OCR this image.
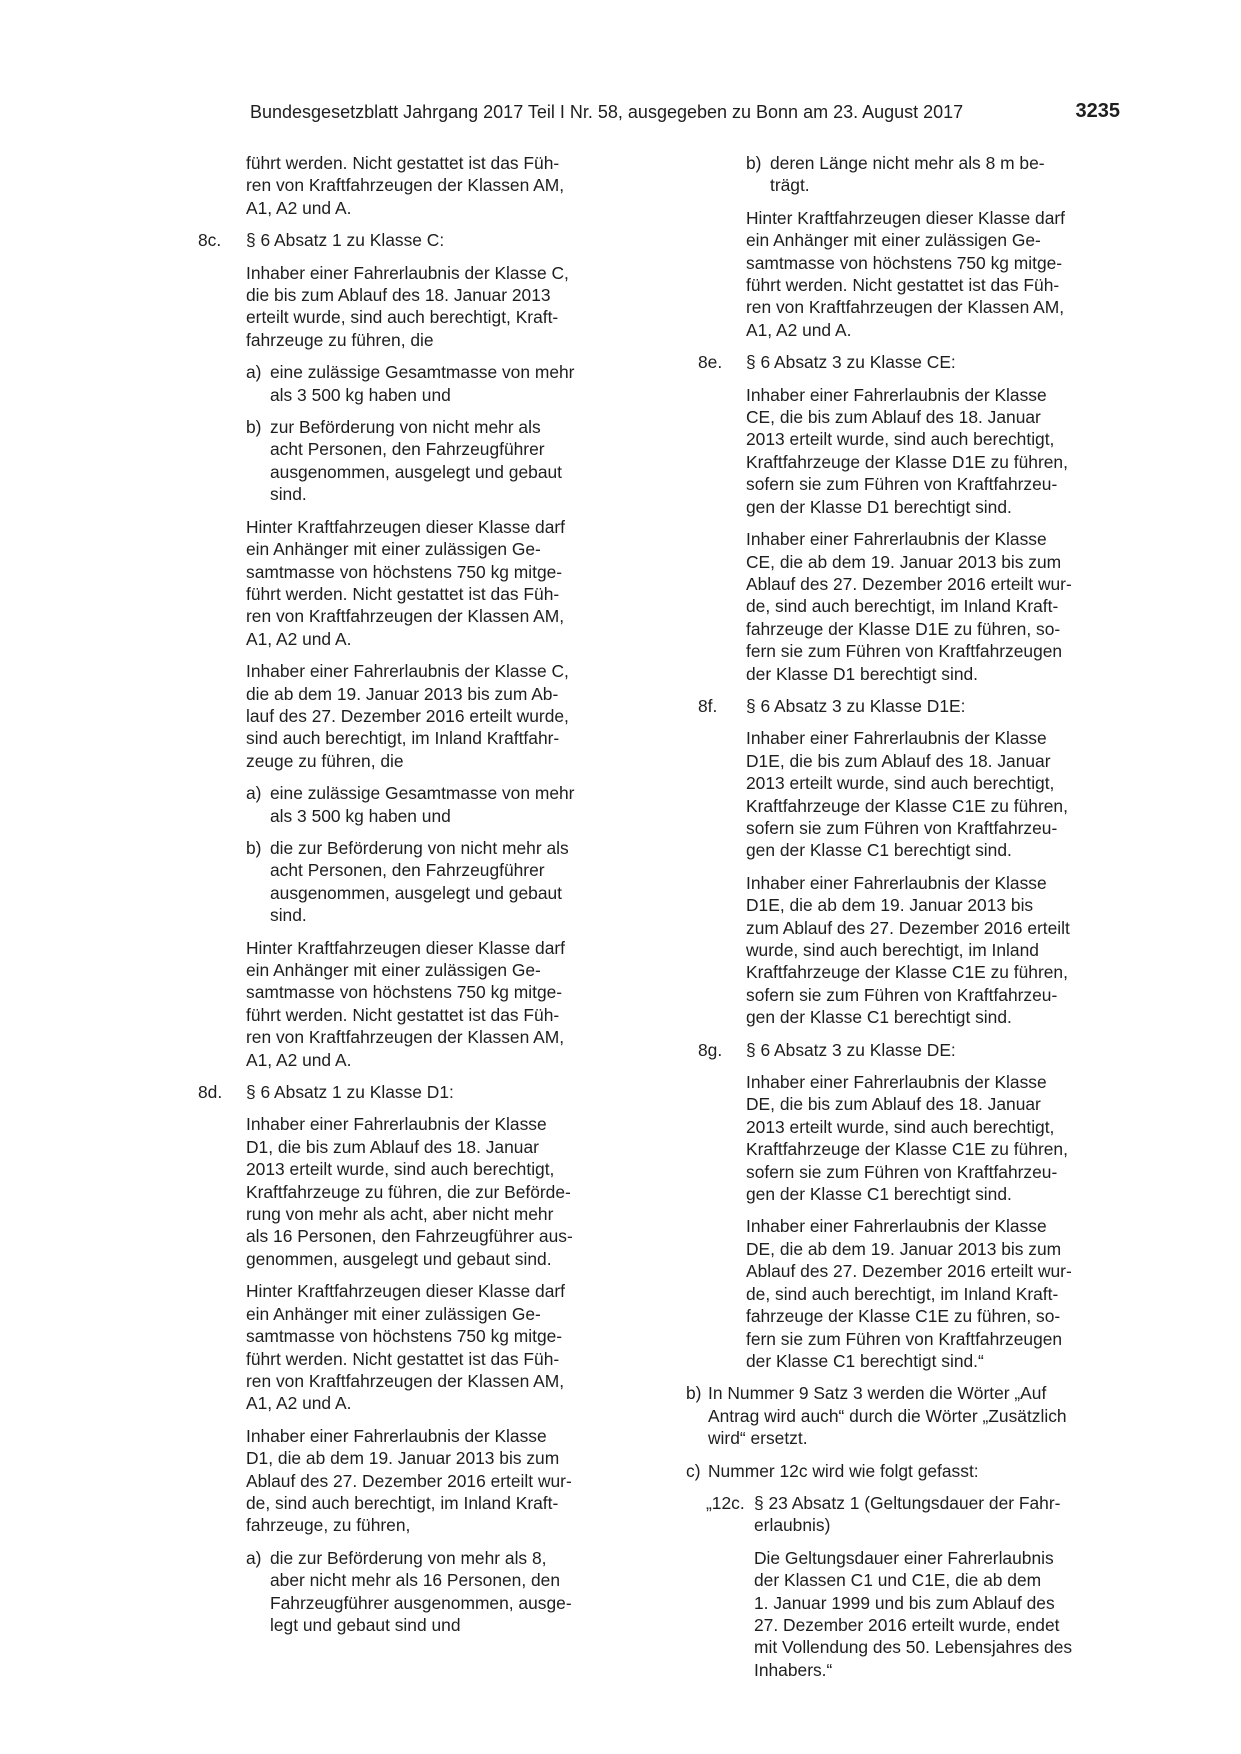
Bundesgesetzblatt Jahrgang 2017 Teil I Nr. 58, ausgegeben zu Bonn am 23. August 2017	3235

führt werden. Nicht gestattet ist das Füh-
ren von Kraftfahrzeugen der Klassen AM,
A1, A2 und A.

8c.	§ 6 Absatz 1 zu Klasse C:

Inhaber einer Fahrerlaubnis der Klasse C,
die bis zum Ablauf des 18. Januar 2013
erteilt wurde, sind auch berechtigt, Kraft-
fahrzeuge zu führen, die

a) eine zulässige Gesamtmasse von mehr
als 3 500 kg haben und

b) zur Beförderung von nicht mehr als
acht Personen, den Fahrzeugführer
ausgenommen, ausgelegt und gebaut
sind.

Hinter Kraftfahrzeugen dieser Klasse darf
ein Anhänger mit einer zulässigen Ge-
samtmasse von höchstens 750 kg mitge-
führt werden. Nicht gestattet ist das Füh-
ren von Kraftfahrzeugen der Klassen AM,
A1, A2 und A.

Inhaber einer Fahrerlaubnis der Klasse C,
die ab dem 19. Januar 2013 bis zum Ab-
lauf des 27. Dezember 2016 erteilt wurde,
sind auch berechtigt, im Inland Kraftfahr-
zeuge zu führen, die

a) eine zulässige Gesamtmasse von mehr
als 3 500 kg haben und

b) die zur Beförderung von nicht mehr als
acht Personen, den Fahrzeugführer
ausgenommen, ausgelegt und gebaut
sind.

Hinter Kraftfahrzeugen dieser Klasse darf
ein Anhänger mit einer zulässigen Ge-
samtmasse von höchstens 750 kg mitge-
führt werden. Nicht gestattet ist das Füh-
ren von Kraftfahrzeugen der Klassen AM,
A1, A2 und A.

8d.	§ 6 Absatz 1 zu Klasse D1:

Inhaber einer Fahrerlaubnis der Klasse
D1, die bis zum Ablauf des 18. Januar
2013 erteilt wurde, sind auch berechtigt,
Kraftfahrzeuge zu führen, die zur Beförde-
rung von mehr als acht, aber nicht mehr
als 16 Personen, den Fahrzeugführer aus-
genommen, ausgelegt und gebaut sind.

Hinter Kraftfahrzeugen dieser Klasse darf
ein Anhänger mit einer zulässigen Ge-
samtmasse von höchstens 750 kg mitge-
führt werden. Nicht gestattet ist das Füh-
ren von Kraftfahrzeugen der Klassen AM,
A1, A2 und A.

Inhaber einer Fahrerlaubnis der Klasse
D1, die ab dem 19. Januar 2013 bis zum
Ablauf des 27. Dezember 2016 erteilt wur-
de, sind auch berechtigt, im Inland Kraft-
fahrzeuge, zu führen,

a) die zur Beförderung von mehr als 8,
aber nicht mehr als 16 Personen, den
Fahrzeugführer ausgenommen, ausge-
legt und gebaut sind und

b) deren Länge nicht mehr als 8 m be-
trägt.

Hinter Kraftfahrzeugen dieser Klasse darf
ein Anhänger mit einer zulässigen Ge-
samtmasse von höchstens 750 kg mitge-
führt werden. Nicht gestattet ist das Füh-
ren von Kraftfahrzeugen der Klassen AM,
A1, A2 und A.

8e.	§ 6 Absatz 3 zu Klasse CE:

Inhaber einer Fahrerlaubnis der Klasse
CE, die bis zum Ablauf des 18. Januar
2013 erteilt wurde, sind auch berechtigt,
Kraftfahrzeuge der Klasse D1E zu führen,
sofern sie zum Führen von Kraftfahrzeu-
gen der Klasse D1 berechtigt sind.

Inhaber einer Fahrerlaubnis der Klasse
CE, die ab dem 19. Januar 2013 bis zum
Ablauf des 27. Dezember 2016 erteilt wur-
de, sind auch berechtigt, im Inland Kraft-
fahrzeuge der Klasse D1E zu führen, so-
fern sie zum Führen von Kraftfahrzeugen
der Klasse D1 berechtigt sind.

8f.	§ 6 Absatz 3 zu Klasse D1E:

Inhaber einer Fahrerlaubnis der Klasse
D1E, die bis zum Ablauf des 18. Januar
2013 erteilt wurde, sind auch berechtigt,
Kraftfahrzeuge der Klasse C1E zu führen,
sofern sie zum Führen von Kraftfahrzeu-
gen der Klasse C1 berechtigt sind.

Inhaber einer Fahrerlaubnis der Klasse
D1E, die ab dem 19. Januar 2013 bis
zum Ablauf des 27. Dezember 2016 erteilt
wurde, sind auch berechtigt, im Inland
Kraftfahrzeuge der Klasse C1E zu führen,
sofern sie zum Führen von Kraftfahrzeu-
gen der Klasse C1 berechtigt sind.

8g.	§ 6 Absatz 3 zu Klasse DE:

Inhaber einer Fahrerlaubnis der Klasse
DE, die bis zum Ablauf des 18. Januar
2013 erteilt wurde, sind auch berechtigt,
Kraftfahrzeuge der Klasse C1E zu führen,
sofern sie zum Führen von Kraftfahrzeu-
gen der Klasse C1 berechtigt sind.

Inhaber einer Fahrerlaubnis der Klasse
DE, die ab dem 19. Januar 2013 bis zum
Ablauf des 27. Dezember 2016 erteilt wur-
de, sind auch berechtigt, im Inland Kraft-
fahrzeuge der Klasse C1E zu führen, so-
fern sie zum Führen von Kraftfahrzeugen
der Klasse C1 berechtigt sind.“

b) In Nummer 9 Satz 3 werden die Wörter „Auf
Antrag wird auch“ durch die Wörter „Zusätzlich
wird“ ersetzt.

c) Nummer 12c wird wie folgt gefasst:

„12c. § 23 Absatz 1 (Geltungsdauer der Fahr-
erlaubnis)

Die Geltungsdauer einer Fahrerlaubnis
der Klassen C1 und C1E, die ab dem
1. Januar 1999 und bis zum Ablauf des
27. Dezember 2016 erteilt wurde, endet
mit Vollendung des 50. Lebensjahres des
Inhabers.“
